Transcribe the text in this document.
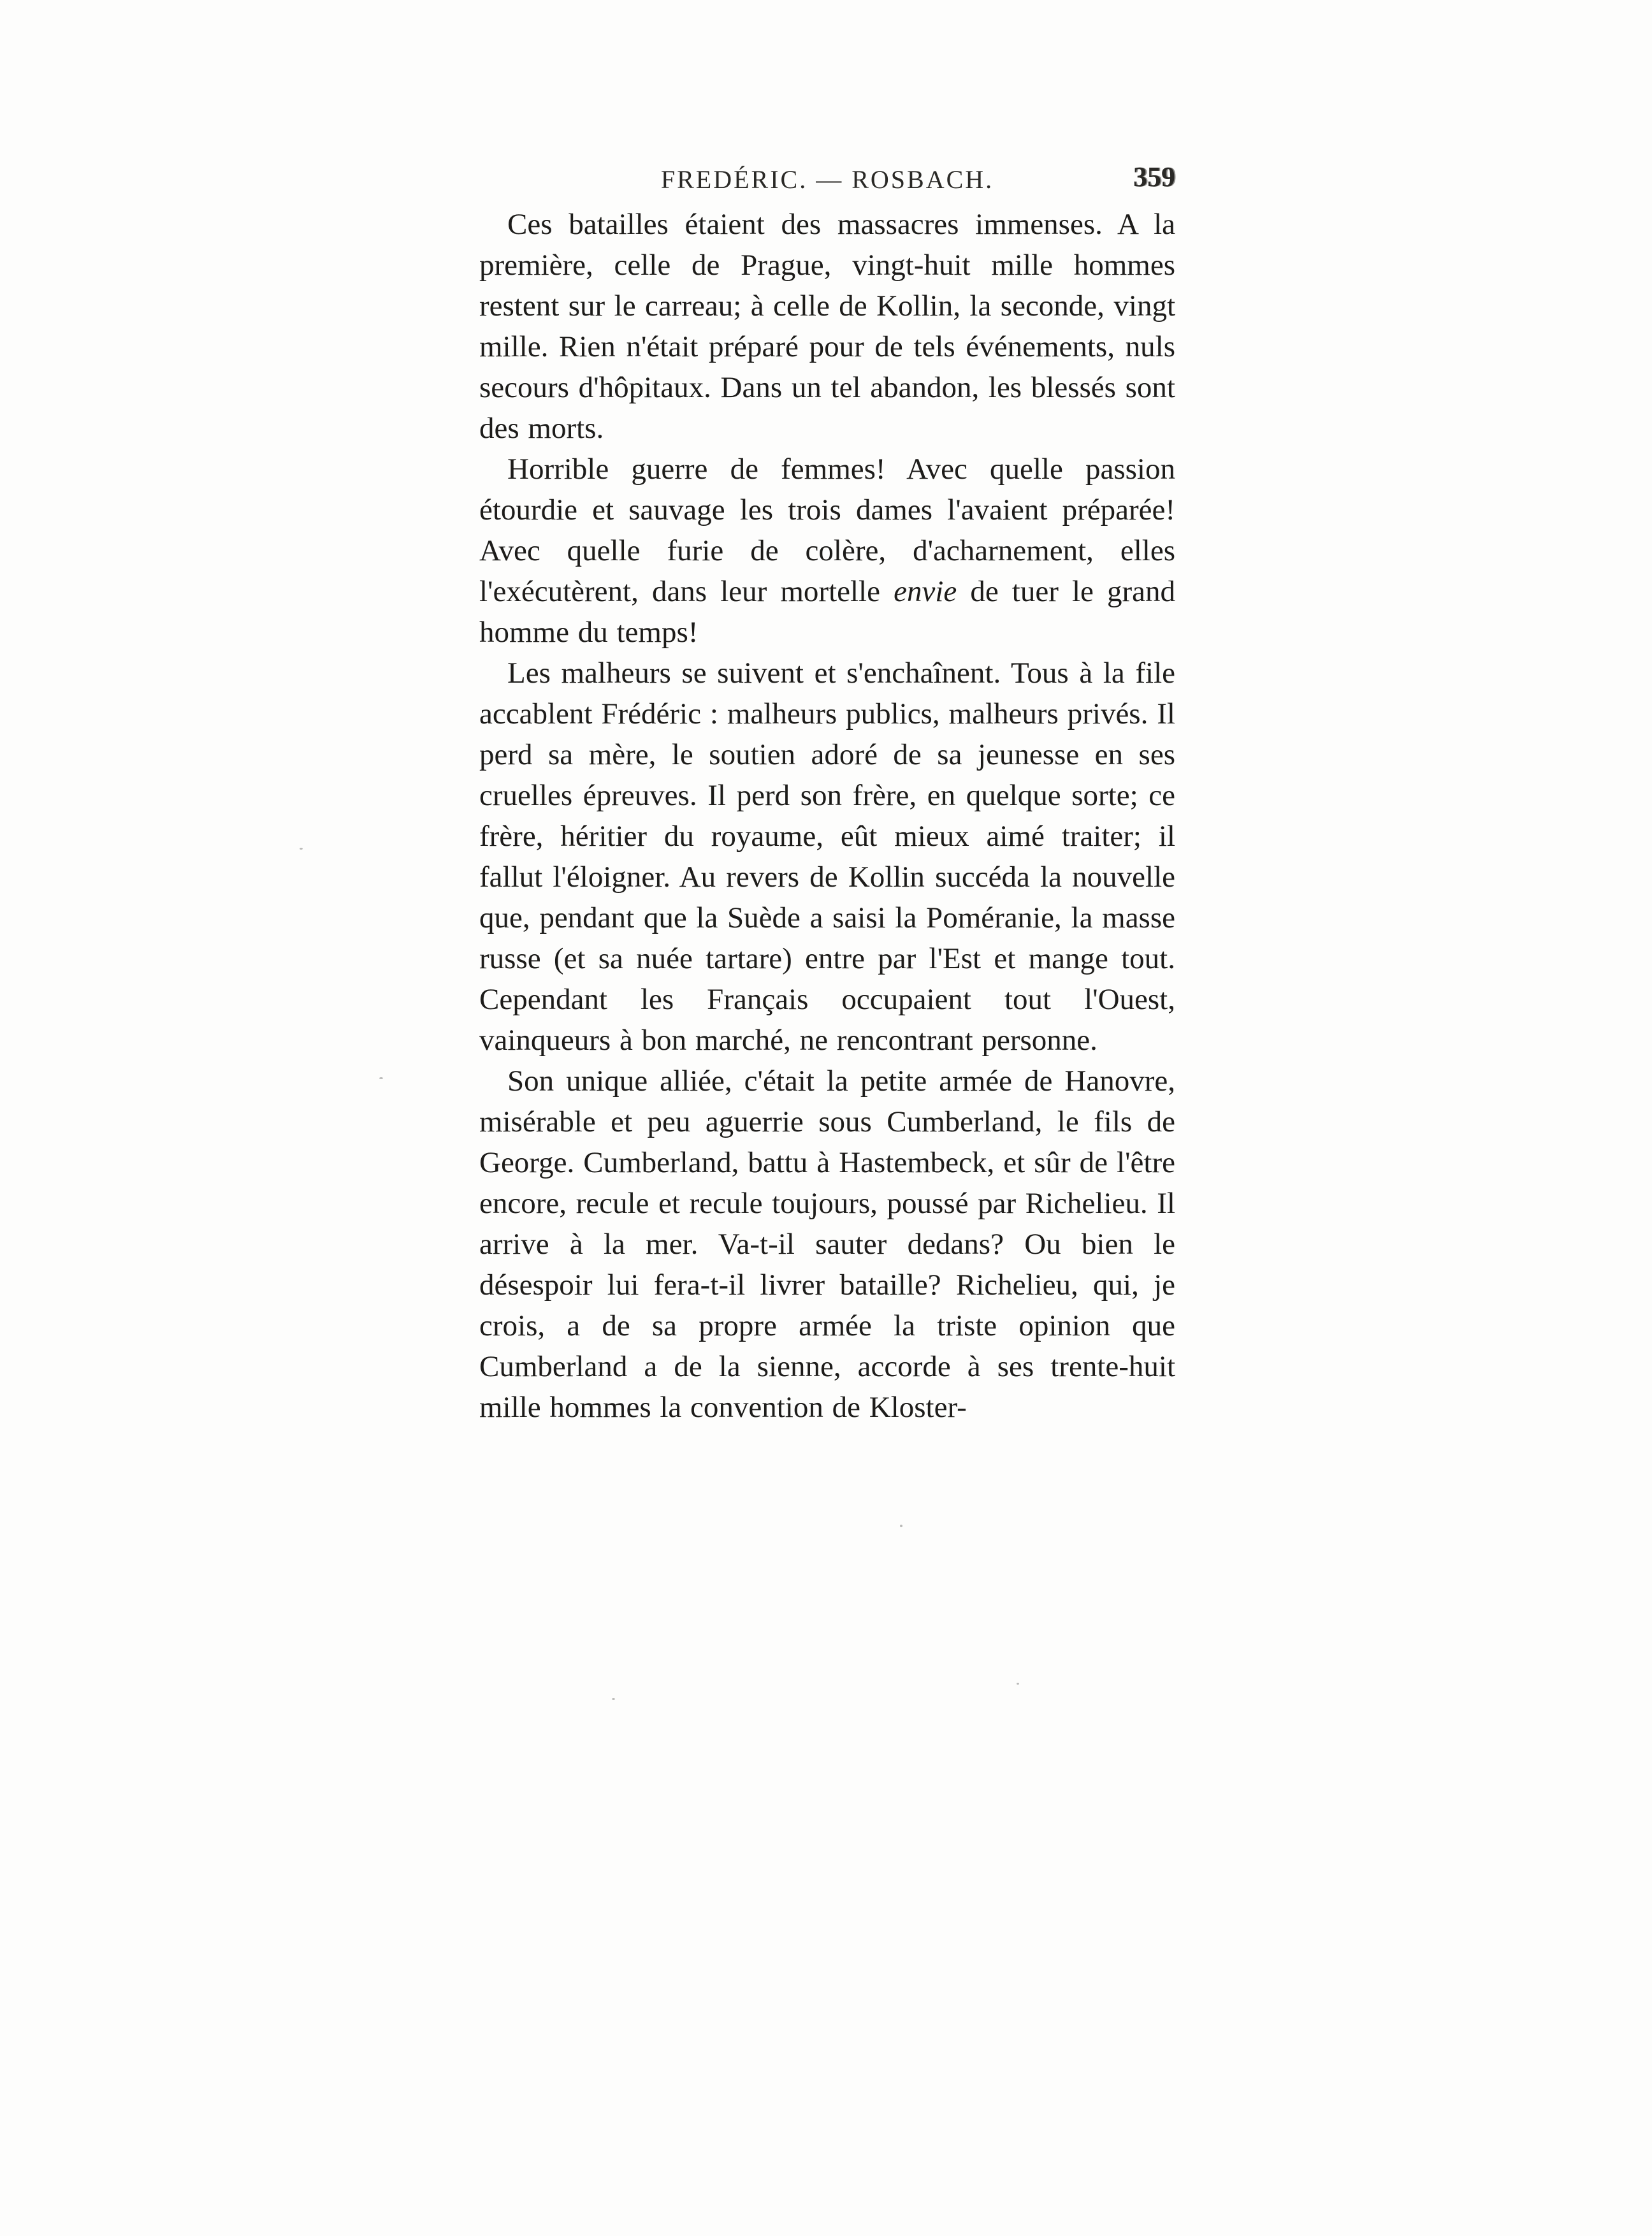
FREDÉRIC. — ROSBACH.	359

Ces batailles étaient des massacres immenses. A la première, celle de Prague, vingt-huit mille hommes restent sur le carreau; à celle de Kollin, la seconde, vingt mille. Rien n'était préparé pour de tels événements, nuls secours d'hôpitaux. Dans un tel abandon, les blessés sont des morts.

Horrible guerre de femmes! Avec quelle passion étourdie et sauvage les trois dames l'avaient préparée! Avec quelle furie de colère, d'acharnement, elles l'exécutèrent, dans leur mortelle envie de tuer le grand homme du temps!

Les malheurs se suivent et s'enchaînent. Tous à la file accablent Frédéric : malheurs publics, malheurs privés. Il perd sa mère, le soutien adoré de sa jeunesse en ses cruelles épreuves. Il perd son frère, en quelque sorte; ce frère, héritier du royaume, eût mieux aimé traiter; il fallut l'éloigner. Au revers de Kollin succéda la nouvelle que, pendant que la Suède a saisi la Poméranie, la masse russe (et sa nuée tartare) entre par l'Est et mange tout. Cependant les Français occupaient tout l'Ouest, vainqueurs à bon marché, ne rencontrant personne.

Son unique alliée, c'était la petite armée de Hanovre, misérable et peu aguerrie sous Cumberland, le fils de George. Cumberland, battu à Hastembeck, et sûr de l'être encore, recule et recule toujours, poussé par Richelieu. Il arrive à la mer. Va-t-il sauter dedans? Ou bien le désespoir lui fera-t-il livrer bataille? Richelieu, qui, je crois, a de sa propre armée la triste opinion que Cumberland a de la sienne, accorde à ses trente-huit mille hommes la convention de Kloster-
